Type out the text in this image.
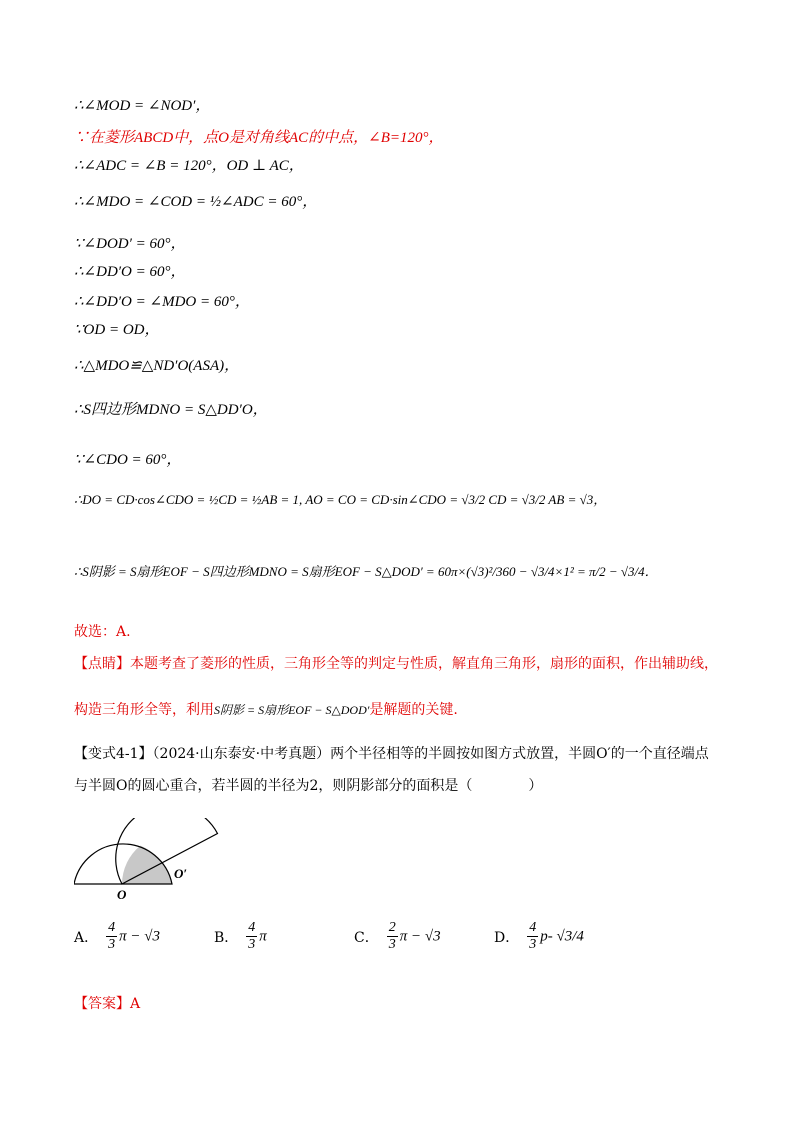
∴∠MOD = ∠NOD′，
∵在菱形ABCD中，点O是对角线AC的中点，∠B=120°，
∴∠ADC = ∠B = 120°，OD ⊥ AC，
∴∠MDO = ∠COD = ½∠ADC = 60°，
∵∠DOD′ = 60°，
∴∠DD′O = 60°，
∴∠DD′O = ∠MDO = 60°，
∵OD = OD，
∴△MDO≌△ND′O(ASA)，
∴S四边形MDNO = S△DD′O，
∵∠CDO = 60°，
∴DO = CD·cos∠CDO = ½CD = ½AB = 1, AO = CO = CD·sin∠CDO = √3/2 CD = √3/2 AB = √3，
∴S阴影 = S扇形EOF − S四边形MDNO = S扇形EOF − S△DOD′ = 60π×(√3)²/360 − √3/4×1² = π/2 − √3/4．
故选：A.
【点睛】本题考查了菱形的性质，三角形全等的判定与性质，解直角三角形，扇形的面积，作出辅助线，
构造三角形全等，利用S阴影 = S扇形EOF − S△DOD′是解题的关键.
【变式4-1】（2024·山东泰安·中考真题）两个半径相等的半圆按如图方式放置，半圆O′的一个直径端点
与半圆O的圆心重合，若半圆的半径为2，则阴影部分的面积是（　　　　）
O
O′
A． $\frac{4}{3}$ π − √3	B． $\frac{4}{3}$ π	C． $\frac{2}{3}$ π − √3	D． $\frac{4}{3} p-$ √3/4
【答案】A
